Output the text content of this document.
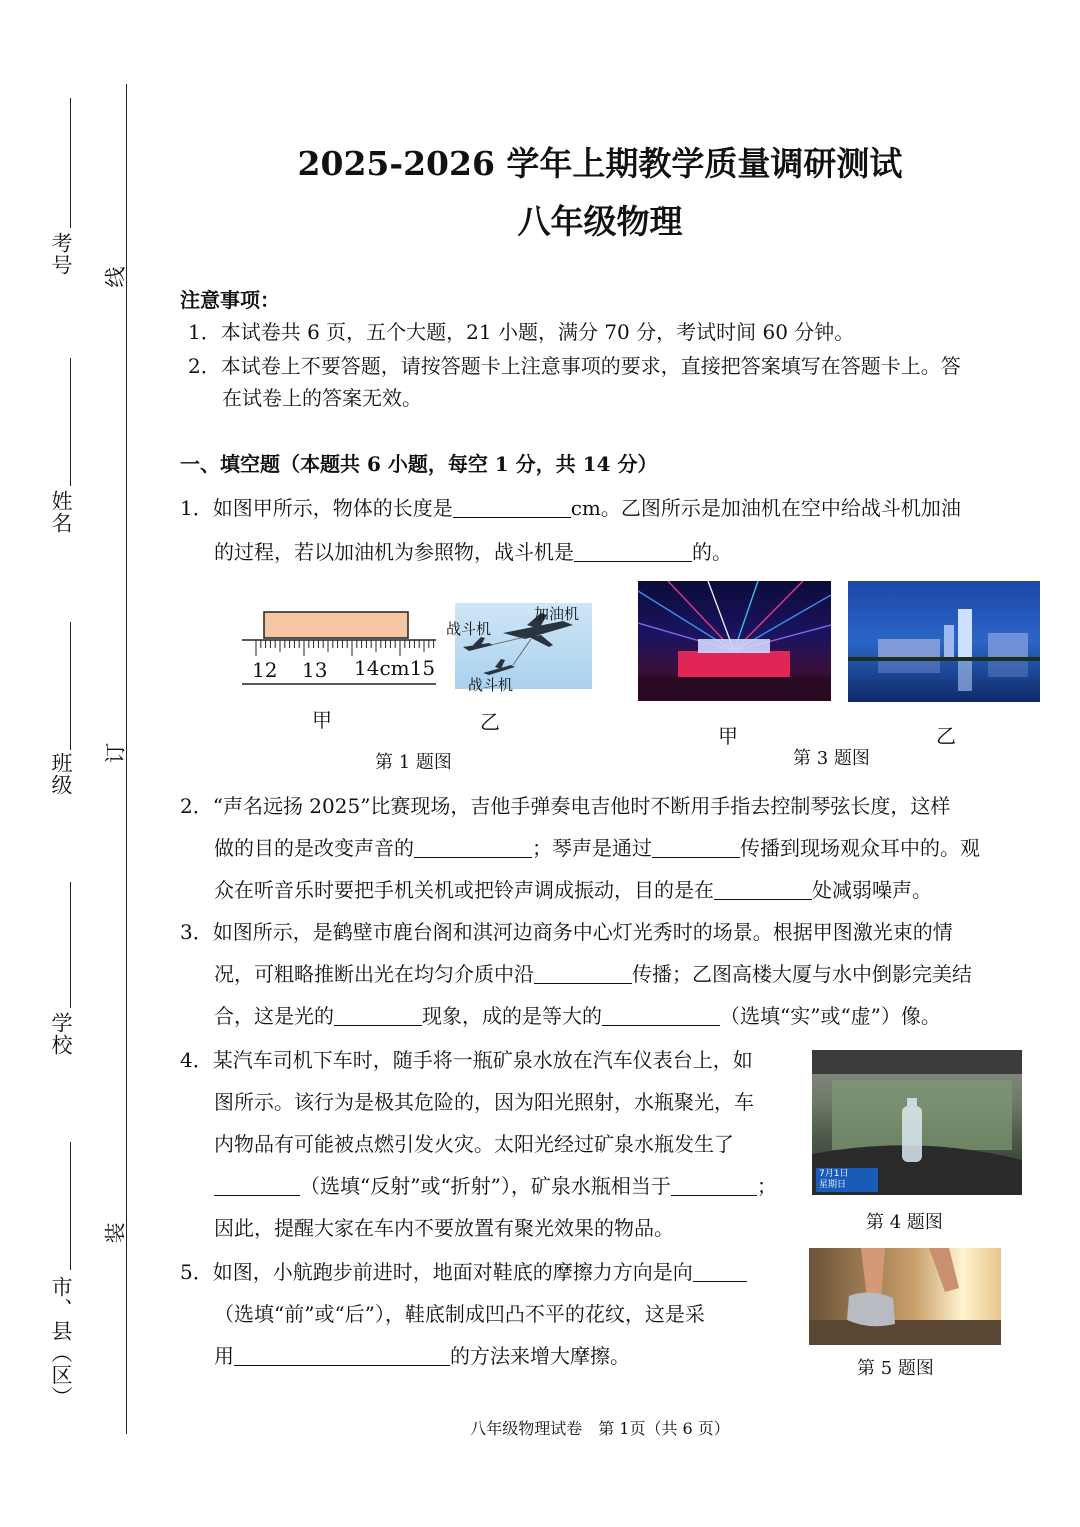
考号
姓名
班级
学校
市、县（区）
线
订
装
2025-2026 学年上期教学质量调研测试
八年级物理
注意事项：
1．本试卷共 6 页，五个大题，21 小题，满分 70 分，考试时间 60 分钟。
2．本试卷上不要答题，请按答题卡上注意事项的要求，直接把答案填写在答题卡上。答
在试卷上的答案无效。
一、填空题（本题共 6 小题，每空 1 分，共 14 分）
1．如图甲所示，物体的长度是	cm。乙图所示是加油机在空中给战斗机加油
的过程，若以加油机为参照物，战斗机是	的。
12 13 14cm15
甲
加油机
战斗机
战斗机
乙
第 1 题图
甲
第 3 题图
乙
2．“声名远扬 2025”比赛现场，吉他手弹奏电吉他时不断用手指去控制琴弦长度，这样
做的目的是改变声音的	；琴声是通过	传播到现场观众耳中的。观
众在听音乐时要把手机关机或把铃声调成振动，目的是在	处减弱噪声。
3．如图所示，是鹤壁市鹿台阁和淇河边商务中心灯光秀时的场景。根据甲图激光束的情
况，可粗略推断出光在均匀介质中沿	传播；乙图高楼大厦与水中倒影完美结
合，这是光的	现象，成的是等大的	（选填“实”或“虚”）像。
4．某汽车司机下车时，随手将一瓶矿泉水放在汽车仪表台上，如
图所示。该行为是极其危险的，因为阳光照射，水瓶聚光，车
内物品有可能被点燃引发火灾。太阳光经过矿泉水瓶发生了
（选填“反射”或“折射”），矿泉水瓶相当于	；
因此，提醒大家在车内不要放置有聚光效果的物品。
7月1日
星期日
第 4 题图
5．如图，小航跑步前进时，地面对鞋底的摩擦力方向是向
（选填“前”或“后”），鞋底制成凹凸不平的花纹，这是采
用	的方法来增大摩擦。
第 5 题图
八年级物理试卷　第 1页（共 6 页）
